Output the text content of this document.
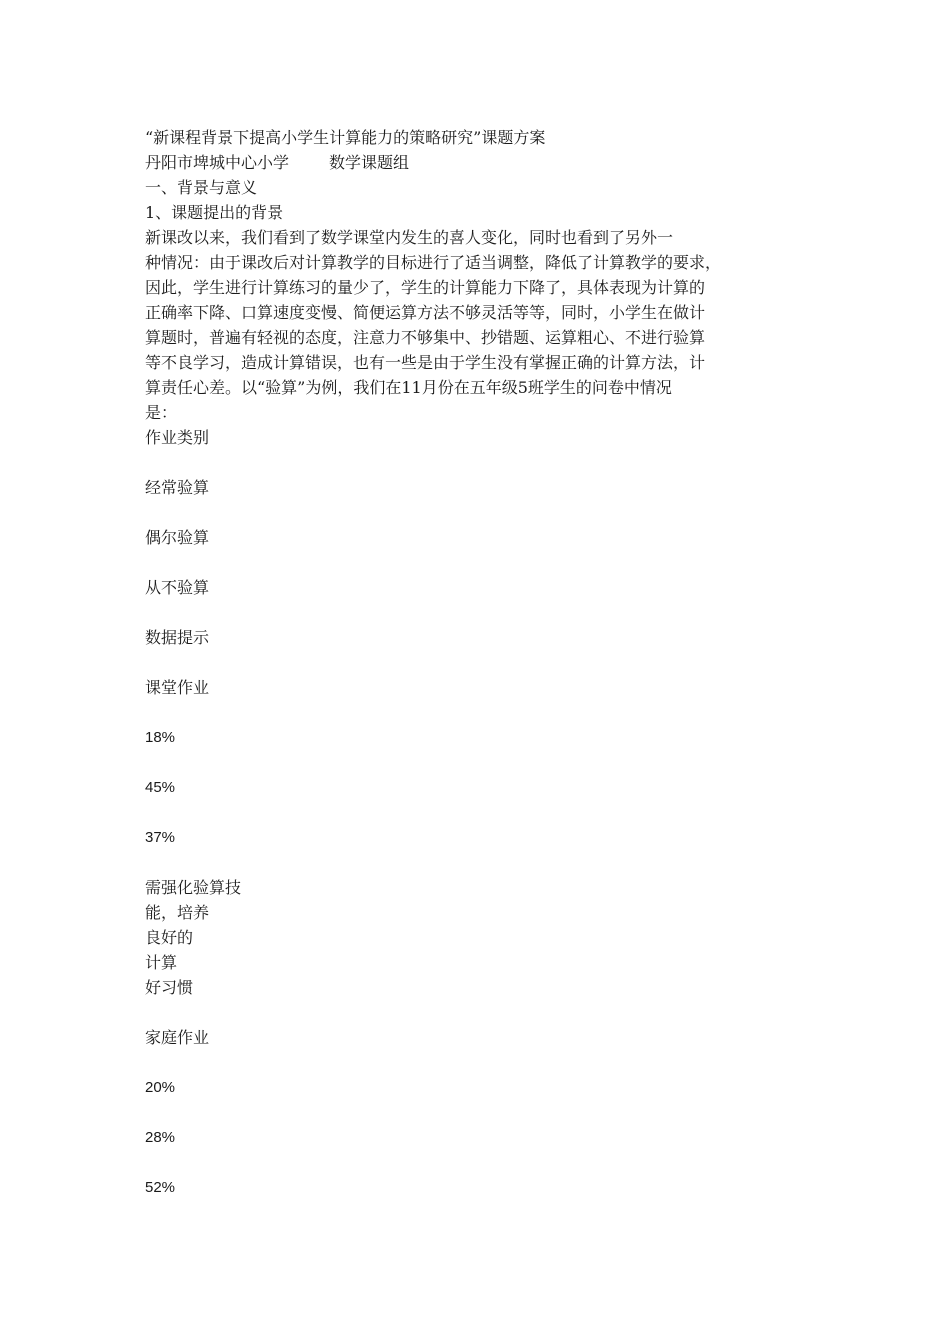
“新课程背景下提高小学生计算能力的策略研究”课题方案
丹阳市埤城中心小学 数学课题组
一、背景与意义
1、课题提出的背景
新课改以来，我们看到了数学课堂内发生的喜人变化，同时也看到了另外一
种情况：由于课改后对计算教学的目标进行了适当调整，降低了计算教学的要求，
因此，学生进行计算练习的量少了，学生的计算能力下降了，具体表现为计算的
正确率下降、口算速度变慢、简便运算方法不够灵活等等，同时，小学生在做计
算题时，普遍有轻视的态度，注意力不够集中、抄错题、运算粗心、不进行验算
等不良学习，造成计算错误，也有一些是由于学生没有掌握正确的计算方法，计
算责任心差。以“验算”为例，我们在11月份在五年级5班学生的问卷中情况
是：
作业类别
经常验算
偶尔验算
从不验算
数据提示
课堂作业
18%
45%
37%
需强化验算技
能，培养
良好的
计算
好习惯
家庭作业
20%
28%
52%
